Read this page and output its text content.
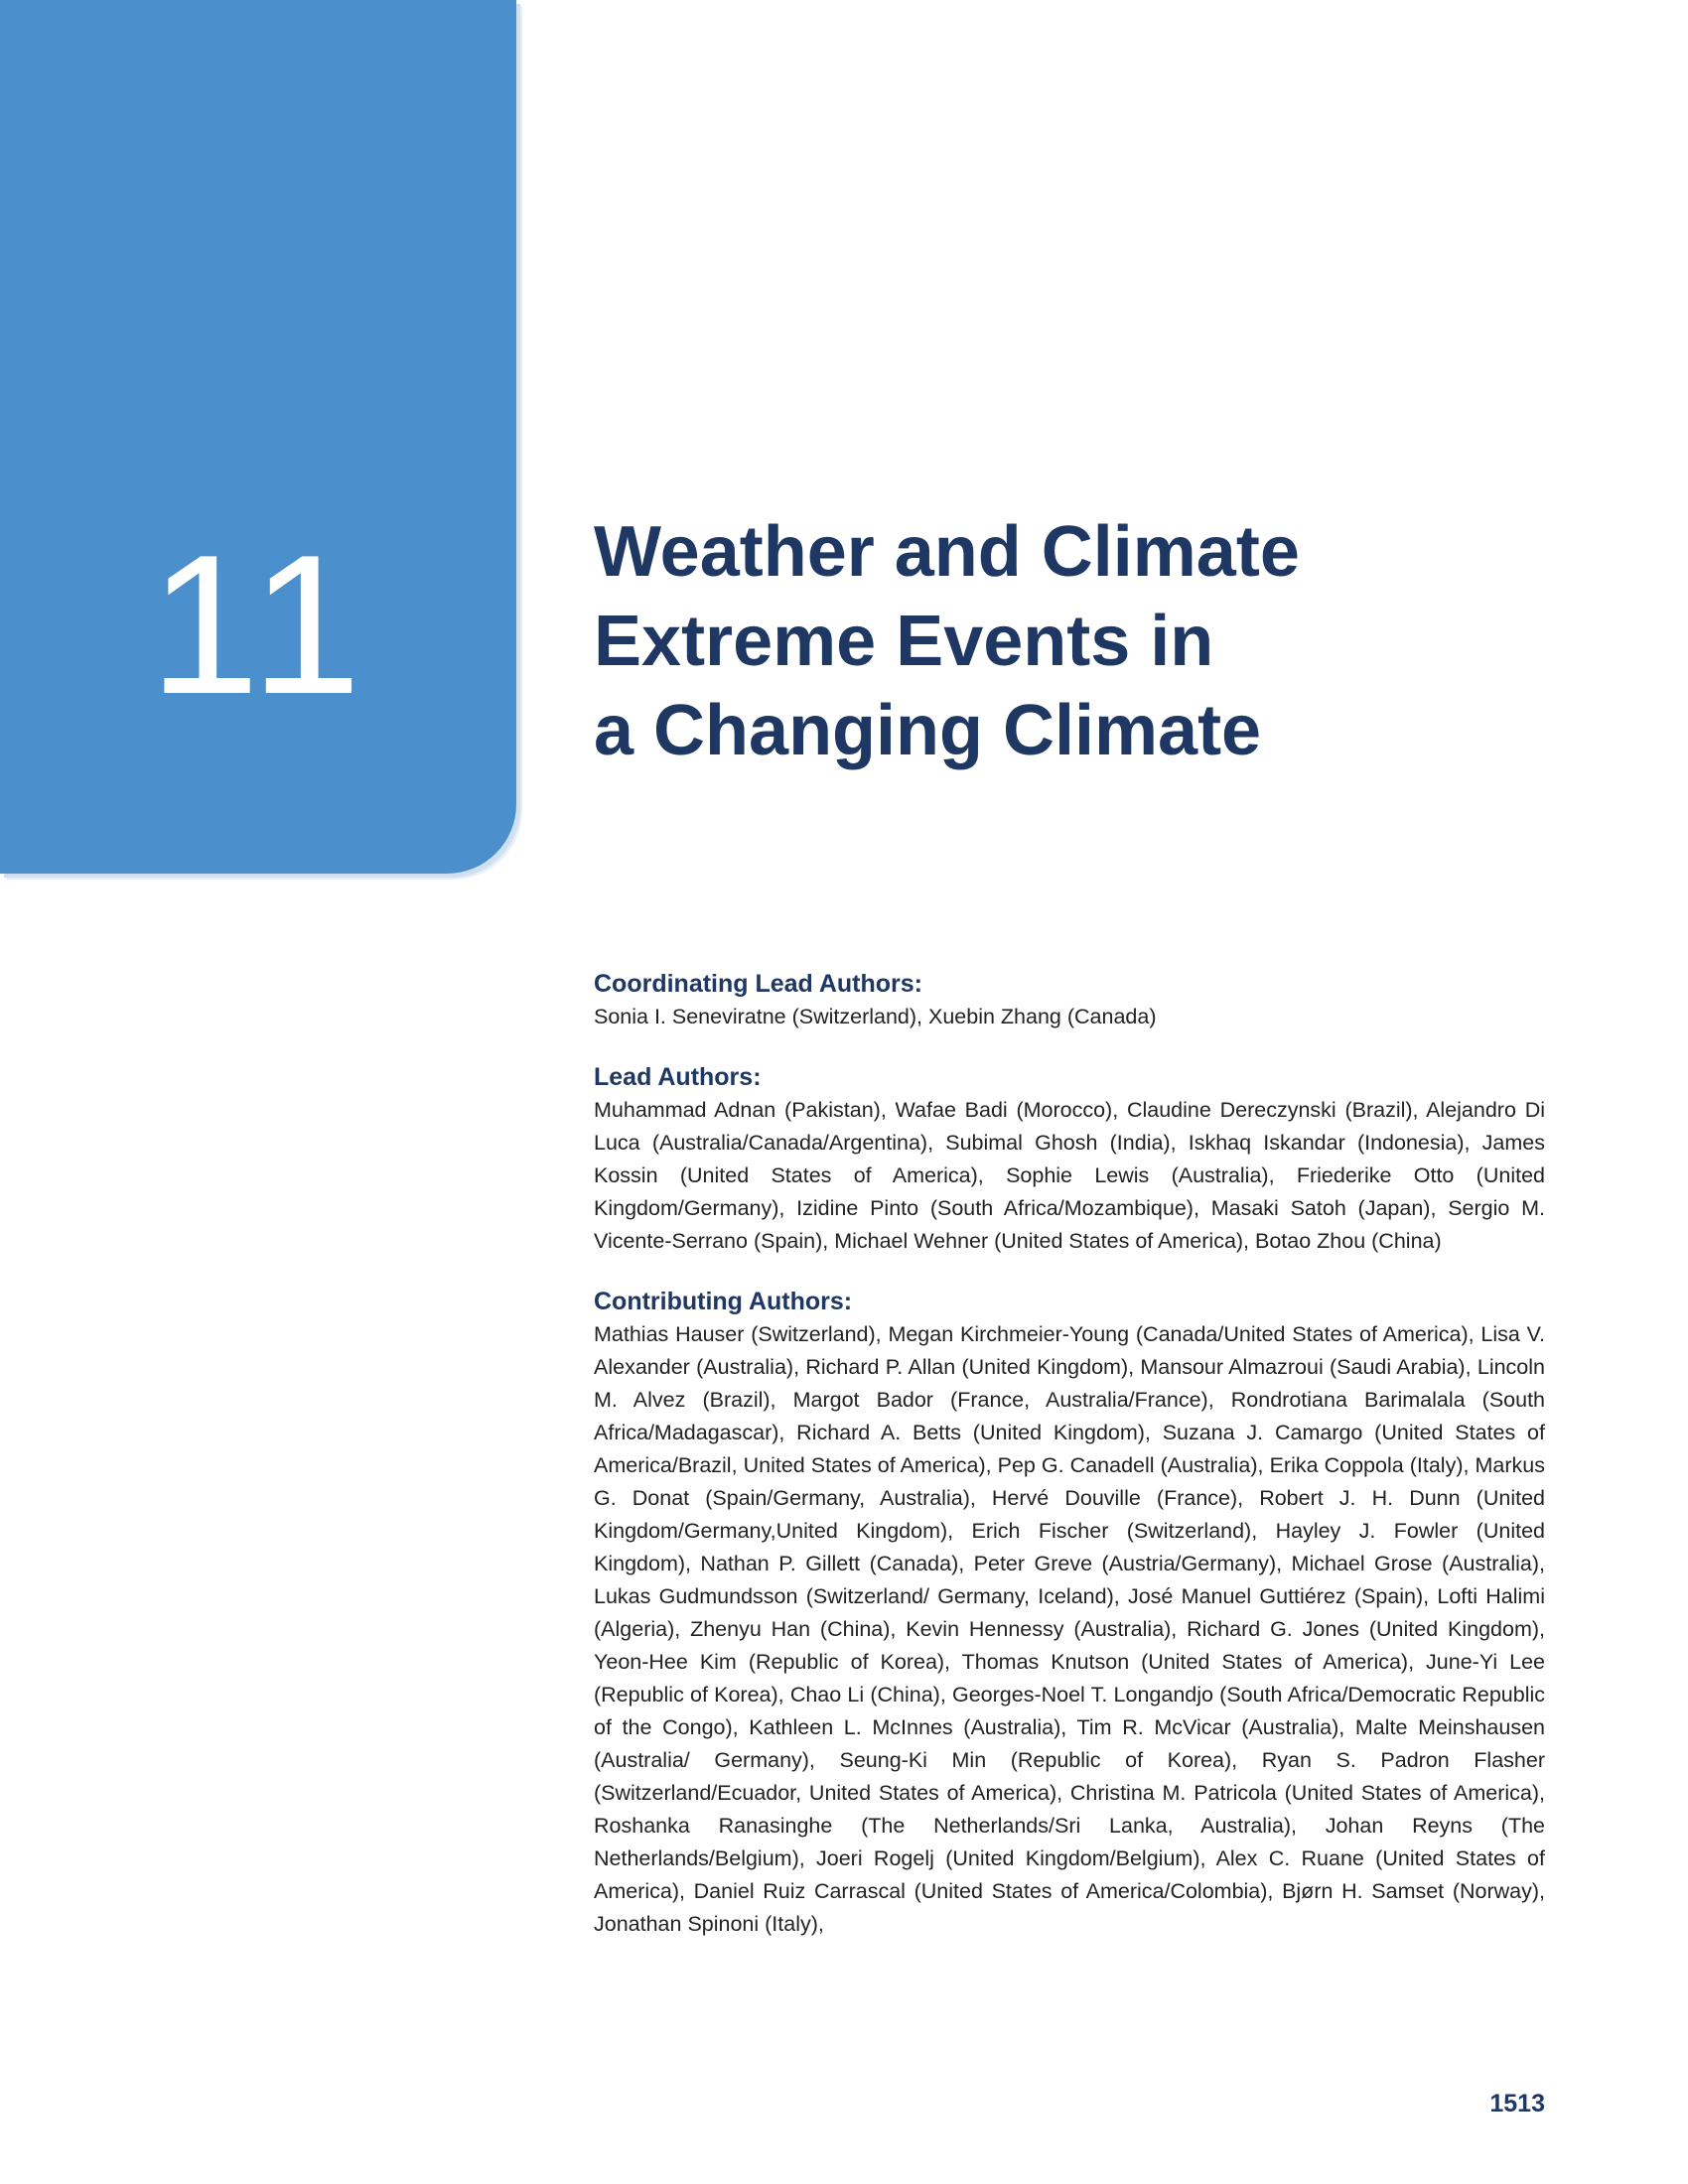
11	Weather and Climate
Extreme Events in
a Changing Climate

Coordinating Lead Authors:

Sonia I. Seneviratne (Switzerland), Xuebin Zhang (Canada)

Lead Authors:

Muhammad Adnan (Pakistan), Wafae Badi (Morocco), Claudine Dereczynski (Brazil), Alejandro Di Luca (Australia/Canada/Argentina), Subimal Ghosh (India), Iskhaq Iskandar (Indonesia), James Kossin (United States of America), Sophie Lewis (Australia), Friederike Otto (United Kingdom/Germany), Izidine Pinto (South Africa/Mozambique), Masaki Satoh (Japan), Sergio M. Vicente-Serrano (Spain), Michael Wehner (United States of America), Botao Zhou (China)

Contributing Authors:

Mathias Hauser (Switzerland), Megan Kirchmeier-Young (Canada/United States of America), Lisa V. Alexander (Australia), Richard P. Allan (United Kingdom), Mansour Almazroui (Saudi Arabia), Lincoln M. Alvez (Brazil), Margot Bador (France, Australia/France), Rondrotiana Barimalala (South Africa/Madagascar), Richard A. Betts (United Kingdom), Suzana J. Camargo (United States of America/Brazil, United States of America), Pep G. Canadell (Australia), Erika Coppola (Italy), Markus G. Donat (Spain/Germany, Australia), Hervé Douville (France), Robert J. H. Dunn (United Kingdom/Germany,United Kingdom), Erich Fischer (Switzerland), Hayley J. Fowler (United Kingdom), Nathan P. Gillett (Canada), Peter Greve (Austria/Germany), Michael Grose (Australia), Lukas Gudmundsson (Switzerland/ Germany, Iceland), José Manuel Guttiérez (Spain), Lofti Halimi (Algeria), Zhenyu Han (China), Kevin Hennessy (Australia), Richard G. Jones (United Kingdom), Yeon-Hee Kim (Republic of Korea), Thomas Knutson (United States of America), June-Yi Lee (Republic of Korea), Chao Li (China), Georges-Noel T. Longandjo (South Africa/Democratic Republic of the Congo), Kathleen L. McInnes (Australia), Tim R. McVicar (Australia), Malte Meinshausen (Australia/ Germany), Seung-Ki Min (Republic of Korea), Ryan S. Padron Flasher (Switzerland/Ecuador, United States of America), Christina M. Patricola (United States of America), Roshanka Ranasinghe (The Netherlands/Sri Lanka, Australia), Johan Reyns (The Netherlands/Belgium), Joeri Rogelj (United Kingdom/Belgium), Alex C. Ruane (United States of America), Daniel Ruiz Carrascal (United States of America/Colombia), Bjørn H. Samset (Norway), Jonathan Spinoni (Italy),

1513
